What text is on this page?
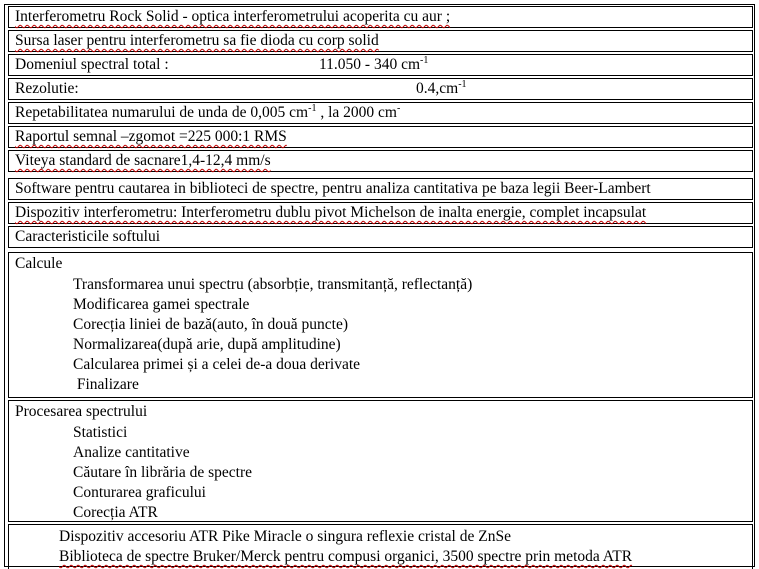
Interferometru Rock Solid - optica interferometrului acoperita cu aur ;
Sursa laser pentru interferometru sa fie dioda cu corp solid
Domeniul spectral total :	11.050 - 340 $cm^{-1}$
Rezolutie:	$0.4,cm^{-1}$
Repetabilitatea numarului de unda de 0,005 $cm^{-1}$ , la 2000 cm-
Raportul semnal –zgomot =225 000:1 RMS
Viteya standard de sacnare1,4-12,4 mm/s
Software pentru cautarea in biblioteci de spectre, pentru analiza cantitativa pe baza legii Beer-Lambert
Dispozitiv interferometru: Interferometru dublu pivot Michelson de inalta energie, complet incapsulat
Caracteristicile softului
Calcule
Transformarea unui spectru (absorbție, transmitanță, reflectanță)
Modificarea gamei spectrale
Corecția liniei de bază(auto, în două puncte)
Normalizarea(după arie, după amplitudine)
Calcularea primei și a celei de-a doua derivate
Finalizare
Procesarea spectrului
Statistici
Analize cantitative
Căutare în librăria de spectre
Conturarea graficului
Corecția ATR
Dispozitiv accesoriu ATR Pike Miracle o singura reflexie cristal de ZnSe
Biblioteca de spectre Bruker/Merck pentru compusi organici, 3500 spectre prin metoda ATR
